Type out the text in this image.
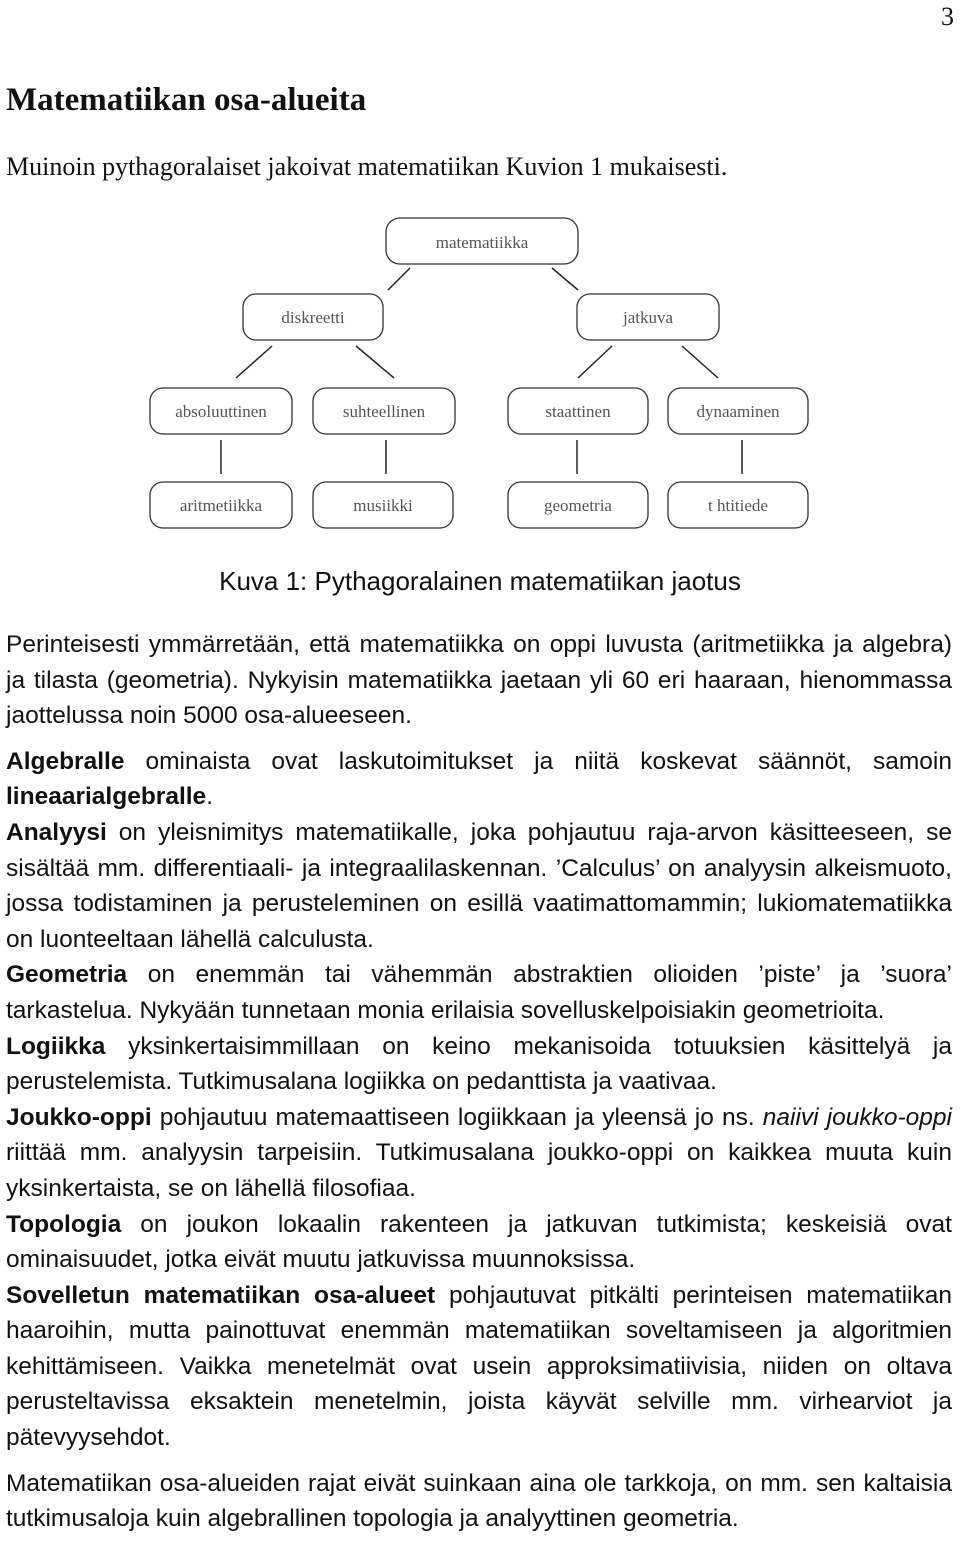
3
Matematiikan osa-alueita

Muinoin pythagoralaiset jakoivat matematiikan Kuvion 1 mukaisesti.

matematiikka
diskreetti	jatkuva
absoluuttinen	suhteellinen	staattinen	dynaaminen
aritmetiikka	musiikki	geometria	t htitiede
Kuva 1: Pythagoralainen matematiikan jaotus

Perinteisesti ymmärretään, että matematiikka on oppi luvusta (aritmetiikka ja algebra) ja tilasta (geometria). Nykyisin matematiikka jaetaan yli 60 eri haaraan, hienommassa jaottelussa noin 5000 osa-alueeseen.

Algebralle ominaista ovat laskutoimitukset ja niitä koskevat säännöt, samoin lineaarialgebralle.

Analyysi on yleisnimitys matematiikalle, joka pohjautuu raja-arvon käsitteeseen, se sisältää mm. differentiaali- ja integraalilaskennan. ’Calculus’ on analyysin alkeismuoto, jossa todistaminen ja perusteleminen on esillä vaatimattomammin; lukiomatematiikka on luonteeltaan lähellä calculusta.

Geometria on enemmän tai vähemmän abstraktien olioiden ’piste’ ja ’suora’ tarkastelua. Nykyään tunnetaan monia erilaisia sovelluskelpoisiakin geometrioita.

Logiikka yksinkertaisimmillaan on keino mekanisoida totuuksien käsittelyä ja perustelemista. Tutkimusalana logiikka on pedanttista ja vaativaa.

Joukko-oppi pohjautuu matemaattiseen logiikkaan ja yleensä jo ns. naiivi joukko-oppi riittää mm. analyysin tarpeisiin. Tutkimusalana joukko-oppi on kaikkea muuta kuin yksinkertaista, se on lähellä filosofiaa.

Topologia on joukon lokaalin rakenteen ja jatkuvan tutkimista; keskeisiä ovat ominaisuudet, jotka eivät muutu jatkuvissa muunnoksissa.

Sovelletun matematiikan osa-alueet pohjautuvat pitkälti perinteisen matematiikan haaroihin, mutta painottuvat enemmän matematiikan soveltamiseen ja algoritmien kehittämiseen. Vaikka menetelmät ovat usein approksimatiivisia, niiden on oltava perusteltavissa eksaktein menetelmin, joista käyvät selville mm. virhearviot ja pätevyysehdot.

Matematiikan osa-alueiden rajat eivät suinkaan aina ole tarkkoja, on mm. sen kaltaisia tutkimusaloja kuin algebrallinen topologia ja analyyttinen geometria.
